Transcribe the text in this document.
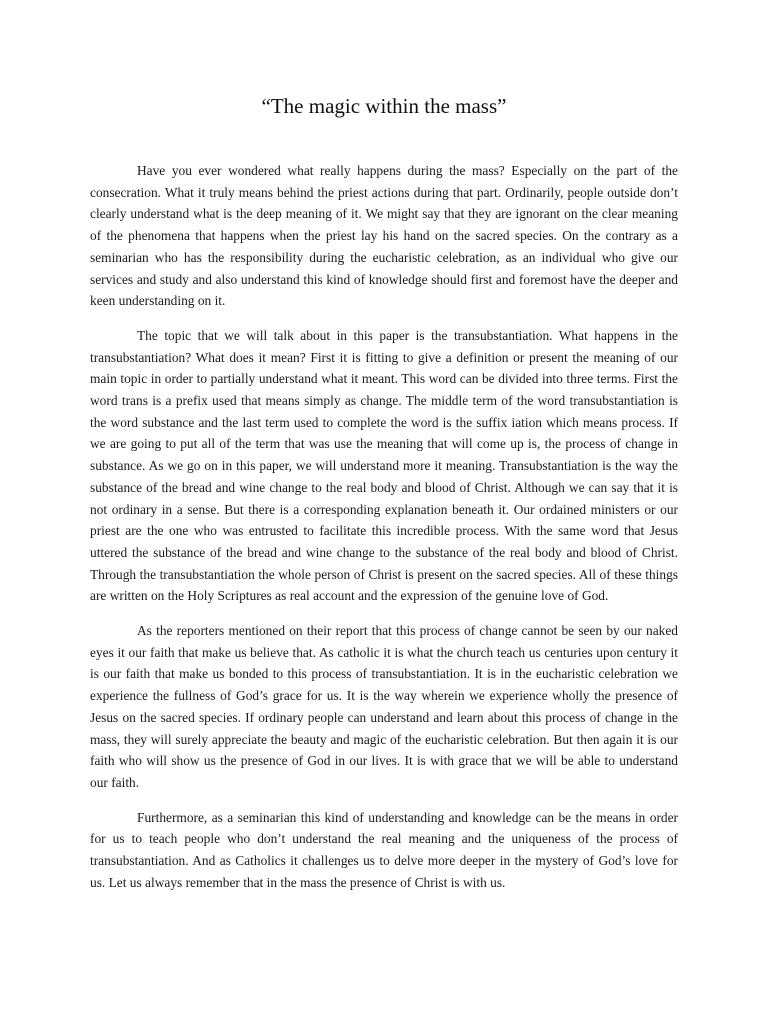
“The magic within the mass”

Have you ever wondered what really happens during the mass? Especially on the part of the consecration. What it truly means behind the priest actions during that part. Ordinarily, people outside don’t clearly understand what is the deep meaning of it. We might say that they are ignorant on the clear meaning of the phenomena that happens when the priest lay his hand on the sacred species. On the contrary as a seminarian who has the responsibility during the eucharistic celebration, as an individual who give our services and study and also understand this kind of knowledge should first and foremost have the deeper and keen understanding on it.

The topic that we will talk about in this paper is the transubstantiation. What happens in the transubstantiation? What does it mean? First it is fitting to give a definition or present the meaning of our main topic in order to partially understand what it meant. This word can be divided into three terms. First the word trans is a prefix used that means simply as change. The middle term of the word transubstantiation is the word substance and the last term used to complete the word is the suffix iation which means process. If we are going to put all of the term that was use the meaning that will come up is, the process of change in substance. As we go on in this paper, we will understand more it meaning. Transubstantiation is the way the substance of the bread and wine change to the real body and blood of Christ. Although we can say that it is not ordinary in a sense. But there is a corresponding explanation beneath it. Our ordained ministers or our priest are the one who was entrusted to facilitate this incredible process. With the same word that Jesus uttered the substance of the bread and wine change to the substance of the real body and blood of Christ. Through the transubstantiation the whole person of Christ is present on the sacred species. All of these things are written on the Holy Scriptures as real account and the expression of the genuine love of God.

As the reporters mentioned on their report that this process of change cannot be seen by our naked eyes it our faith that make us believe that. As catholic it is what the church teach us centuries upon century it is our faith that make us bonded to this process of transubstantiation. It is in the eucharistic celebration we experience the fullness of God’s grace for us. It is the way wherein we experience wholly the presence of Jesus on the sacred species. If ordinary people can understand and learn about this process of change in the mass, they will surely appreciate the beauty and magic of the eucharistic celebration. But then again it is our faith who will show us the presence of God in our lives. It is with grace that we will be able to understand our faith.

Furthermore, as a seminarian this kind of understanding and knowledge can be the means in order for us to teach people who don’t understand the real meaning and the uniqueness of the process of transubstantiation. And as Catholics it challenges us to delve more deeper in the mystery of God’s love for us. Let us always remember that in the mass the presence of Christ is with us.
